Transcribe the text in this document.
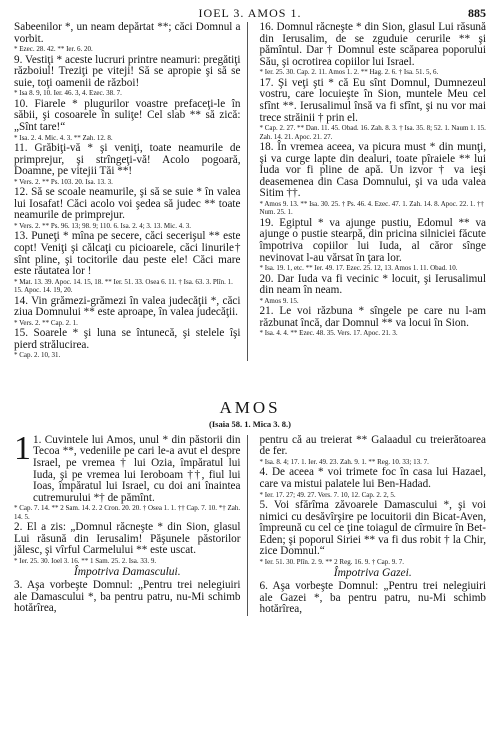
IOEL 3. AMOS 1.	885

Sabeenilor *, un neam depărtat **; căci Domnul a vorbit.

* Ezec. 28. 42. ** Ier. 6. 20.

9. Vestiţi * aceste lucruri printre neamuri: pregătiţi războiul! Treziţi pe viteji! Să se apropie şi să se suie, toţi oamenii de război!

* Isa 8. 9, 10. Ier. 46. 3, 4. Ezec. 38. 7.

10. Fiarele * plugurilor voastre prefaceţi-le în săbii, şi cosoarele în suliţe! Cel slab ** să zică: „Sînt tare!“

* Isa. 2. 4. Mic. 4. 3. ** Zah. 12. 8.

11. Grăbiţi-vă * şi veniţi, toate neamurile de primprejur, şi strîngeţi-vă! Acolo pogoară, Doamne, pe vitejii Tăi **!

* Vers. 2. ** Ps. 103. 20. Isa. 13. 3.

12. Să se scoale neamurile, şi să se suie * în valea lui Iosafat! Căci acolo voi şedea să judec ** toate neamurile de primprejur.

* Vers. 2. ** Ps. 96. 13; 98. 9; 110. 6. Isa. 2. 4; 3. 13. Mic. 4. 3.

13. Puneţi * mîna pe secere, căci secerişul ** este copt! Veniţi şi călcaţi cu picioarele, căci linurile† sînt pline, şi tocitorile dau peste ele! Căci mare este răutatea lor !

* Mat. 13. 39. Apoc. 14. 15, 18. ** Ier. 51. 33. Osea 6. 11. † Isa. 63. 3. Plîn. 1. 15. Apoc. 14. 19, 20.

14. Vin grămezi-grămezi în valea judecăţii *, căci ziua Domnului ** este aproape, în valea judecăţii.

* Vers. 2. ** Cap. 2. 1.

15. Soarele * şi luna se întunecă, şi stelele îşi pierd strălucirea.

* Cap. 2. 10, 31.

16. Domnul răcneşte * din Sion, glasul Lui răsună din Ierusalim, de se zguduie cerurile ** şi pămîntul. Dar † Domnul este scăparea poporului Său, şi ocrotirea copiilor lui Israel.

* Ier. 25. 30. Cap. 2. 11. Amos 1. 2. ** Hag. 2. 6. † Isa. 51. 5, 6.

17. Şi veţi şti * că Eu sînt Domnul, Dumnezeul vostru, care locuieşte în Sion, muntele Meu cel sfînt **. Ierusalimul însă va fi sfînt, şi nu vor mai trece străinii † prin el.

* Cap. 2. 27. ** Dan. 11. 45. Obad. 16. Zah. 8. 3. † Isa. 35. 8; 52. 1. Naum 1. 15. Zah. 14. 21. Apoc. 21. 27.

18. În vremea aceea, va picura must * din munţi, şi va curge lapte din dealuri, toate pîraiele ** lui Iuda vor fi pline de apă. Un izvor † va ieşi deasemenea din Casa Domnului, şi va uda valea Sitim ††.

* Amos 9. 13. ** Isa. 30. 25. † Ps. 46. 4. Ezec. 47. 1. Zah. 14. 8. Apoc. 22. 1. †† Num. 25. 1.

19. Egiptul * va ajunge pustiu, Edomul ** va ajunge o pustie stearpă, din pricina silniciei făcute împotriva copiilor lui Iuda, al căror sînge nevinovat l-au vărsat în ţara lor.

* Isa. 19. 1, etc. ** Ier. 49. 17. Ezec. 25. 12, 13. Amos 1. 11. Obad. 10.

20. Dar Iuda va fi vecinic * locuit, şi Ierusalimul din neam în neam.

* Amos 9. 15.

21. Le voi răzbuna * sîngele pe care nu l-am răzbunat încă, dar Domnul ** va locui în Sion.

* Isa. 4. 4. ** Ezec. 48. 35. Vers. 17. Apoc. 21. 3.

AMOS
(Isaia 58. 1. Mica 3. 8.)
1 1. Cuvintele lui Amos, unul * din păstorii din Tecoa **, vedeniile pe cari le-a avut el despre Israel, pe vremea † lui Ozia, împăratul lui Iuda, şi pe vremea lui Ieroboam ††, fiul lui Ioas, împăratul lui Israel, cu doi ani înaintea cutremurului *† de pămînt.

* Cap. 7. 14. ** 2 Sam. 14. 2. 2 Cron. 20. 20. † Osea 1. 1. †† Cap. 7. 10. *† Zah. 14. 5.

2. El a zis: „Domnul răcneşte * din Sion, glasul Lui răsună din Ierusalim! Păşunele păstorilor jălesc, şi vîrful Carmelului ** este uscat.

* Ier. 25. 30. Ioel 3. 16. ** 1 Sam. 25. 2. Isa. 33. 9.

Împotriva Damascului.

3. Aşa vorbeşte Domnul: „Pentru trei nelegiuiri ale Damascului *, ba pentru patru, nu-Mi schimb hotărîrea,

pentru că au treierat ** Galaadul cu treierătoarea de fer.

* Isa. 8. 4; 17. 1. Ier. 49. 23. Zah. 9. 1. ** Reg. 10. 33; 13. 7.

4. De aceea * voi trimete foc în casa lui Hazael, care va mistui palatele lui Ben-Hadad.

* Ier. 17. 27; 49. 27. Vers. 7. 10, 12. Cap. 2. 2, 5.

5. Voi sfărîma zăvoarele Damascului *, şi voi nimici cu desăvîrşire pe locuitorii din Bicat-Aven, împreună cu cel ce ţine toiagul de cîrmuire în Bet-Eden; şi poporul Siriei ** va fi dus robit † la Chir, zice Domnul.“

* Ier. 51. 30. Plîn. 2. 9. ** 2 Reg. 16. 9. † Cap. 9. 7.

Împotriva Gazei.

6. Aşa vorbeşte Domnul: „Pentru trei nelegiuiri ale Gazei *, ba pentru patru, nu-Mi schimb hotărîrea,
